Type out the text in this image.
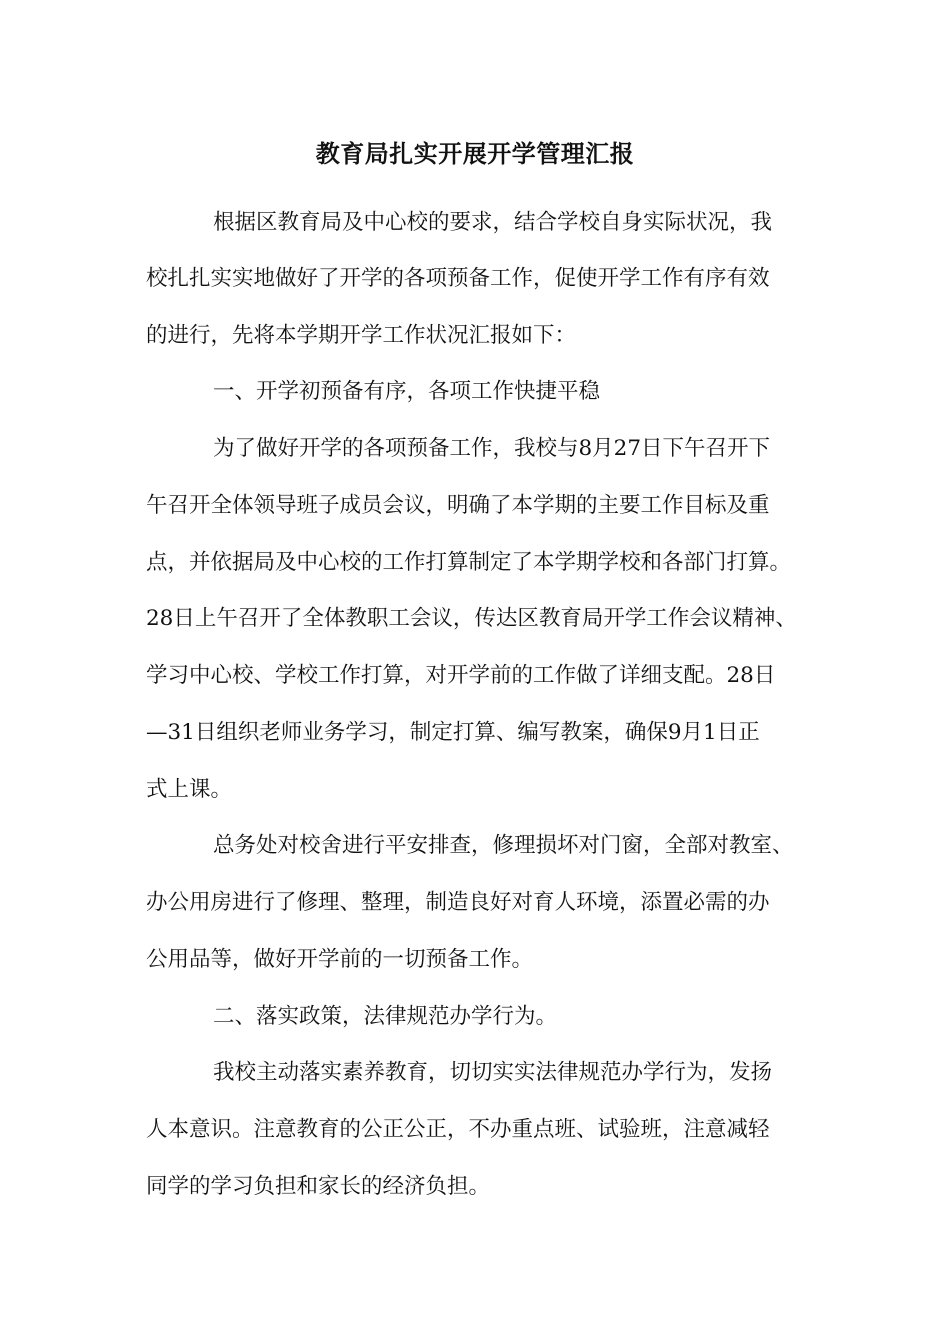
教育局扎实开展开学管理汇报
根据区教育局及中心校的要求，结合学校自身实际状况，我
校扎扎实实地做好了开学的各项预备工作，促使开学工作有序有效
的进行，先将本学期开学工作状况汇报如下：
一、开学初预备有序，各项工作快捷平稳
为了做好开学的各项预备工作，我校与8月27日下午召开下
午召开全体领导班子成员会议，明确了本学期的主要工作目标及重
点，并依据局及中心校的工作打算制定了本学期学校和各部门打算。
28日上午召开了全体教职工会议，传达区教育局开学工作会议精神、
学习中心校、学校工作打算，对开学前的工作做了详细支配。28日
—31日组织老师业务学习，制定打算、编写教案，确保9月1日正
式上课。
总务处对校舍进行平安排查，修理损坏对门窗，全部对教室、
办公用房进行了修理、整理，制造良好对育人环境，添置必需的办
公用品等，做好开学前的一切预备工作。
二、落实政策，法律规范办学行为。
我校主动落实素养教育，切切实实法律规范办学行为，发扬
人本意识。注意教育的公正公正，不办重点班、试验班，注意减轻
同学的学习负担和家长的经济负担。
